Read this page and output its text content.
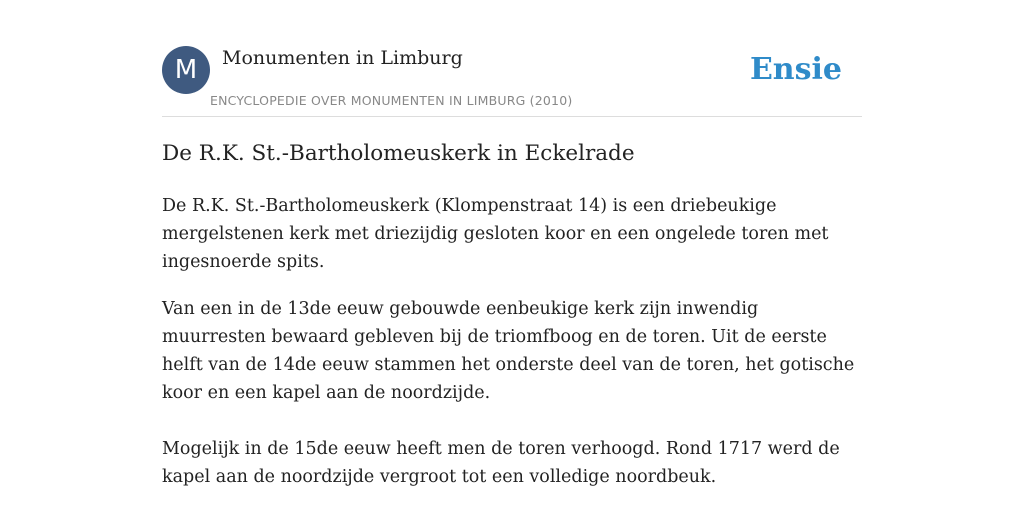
M	Monumenten in Limburg
ENCYCLOPEDIE OVER MONUMENTEN IN LIMBURG (2010)
Ensie
De R.K. St.-Bartholomeuskerk in Eckelrade

De R.K. St.-Bartholomeuskerk (Klompenstraat 14) is een driebeukige mergelstenen kerk met driezijdig gesloten koor en een ongelede toren met ingesnoerde spits.

Van een in de 13de eeuw gebouwde eenbeukige kerk zijn inwendig muurresten bewaard gebleven bij de triomfboog en de toren. Uit de eerste helft van de 14de eeuw stammen het onderste deel van de toren, het gotische koor en een kapel aan de noordzijde.

Mogelijk in de 15de eeuw heeft men de toren verhoogd. Rond 1717 werd de kapel aan de noordzijde vergroot tot een volledige noordbeuk.
